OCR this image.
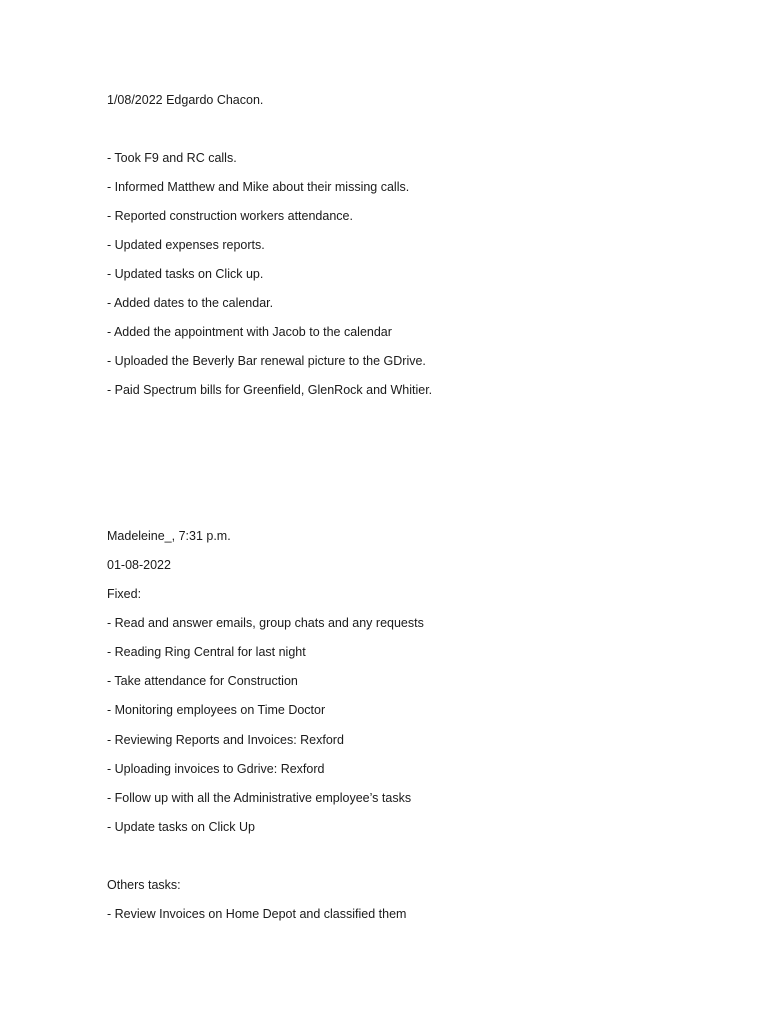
1/08/2022 Edgardo Chacon.
- Took F9 and RC calls.
- Informed Matthew and Mike about their missing calls.
- Reported construction workers attendance.
- Updated expenses reports.
- Updated tasks on Click up.
- Added dates to the calendar.
- Added the appointment with Jacob to the calendar
- Uploaded the Beverly Bar renewal picture to the GDrive.
- Paid Spectrum bills for Greenfield, GlenRock and Whitier.
Madeleine_, 7:31 p.m.
01-08-2022
Fixed:
- Read and answer emails, group chats and any requests
- Reading Ring Central for last night
- Take attendance for Construction
- Monitoring employees on Time Doctor
- Reviewing Reports and Invoices: Rexford
- Uploading invoices to Gdrive: Rexford
- Follow up with all the Administrative employee’s tasks
- Update tasks on Click Up
Others tasks:
- Review Invoices on Home Depot and classified them
